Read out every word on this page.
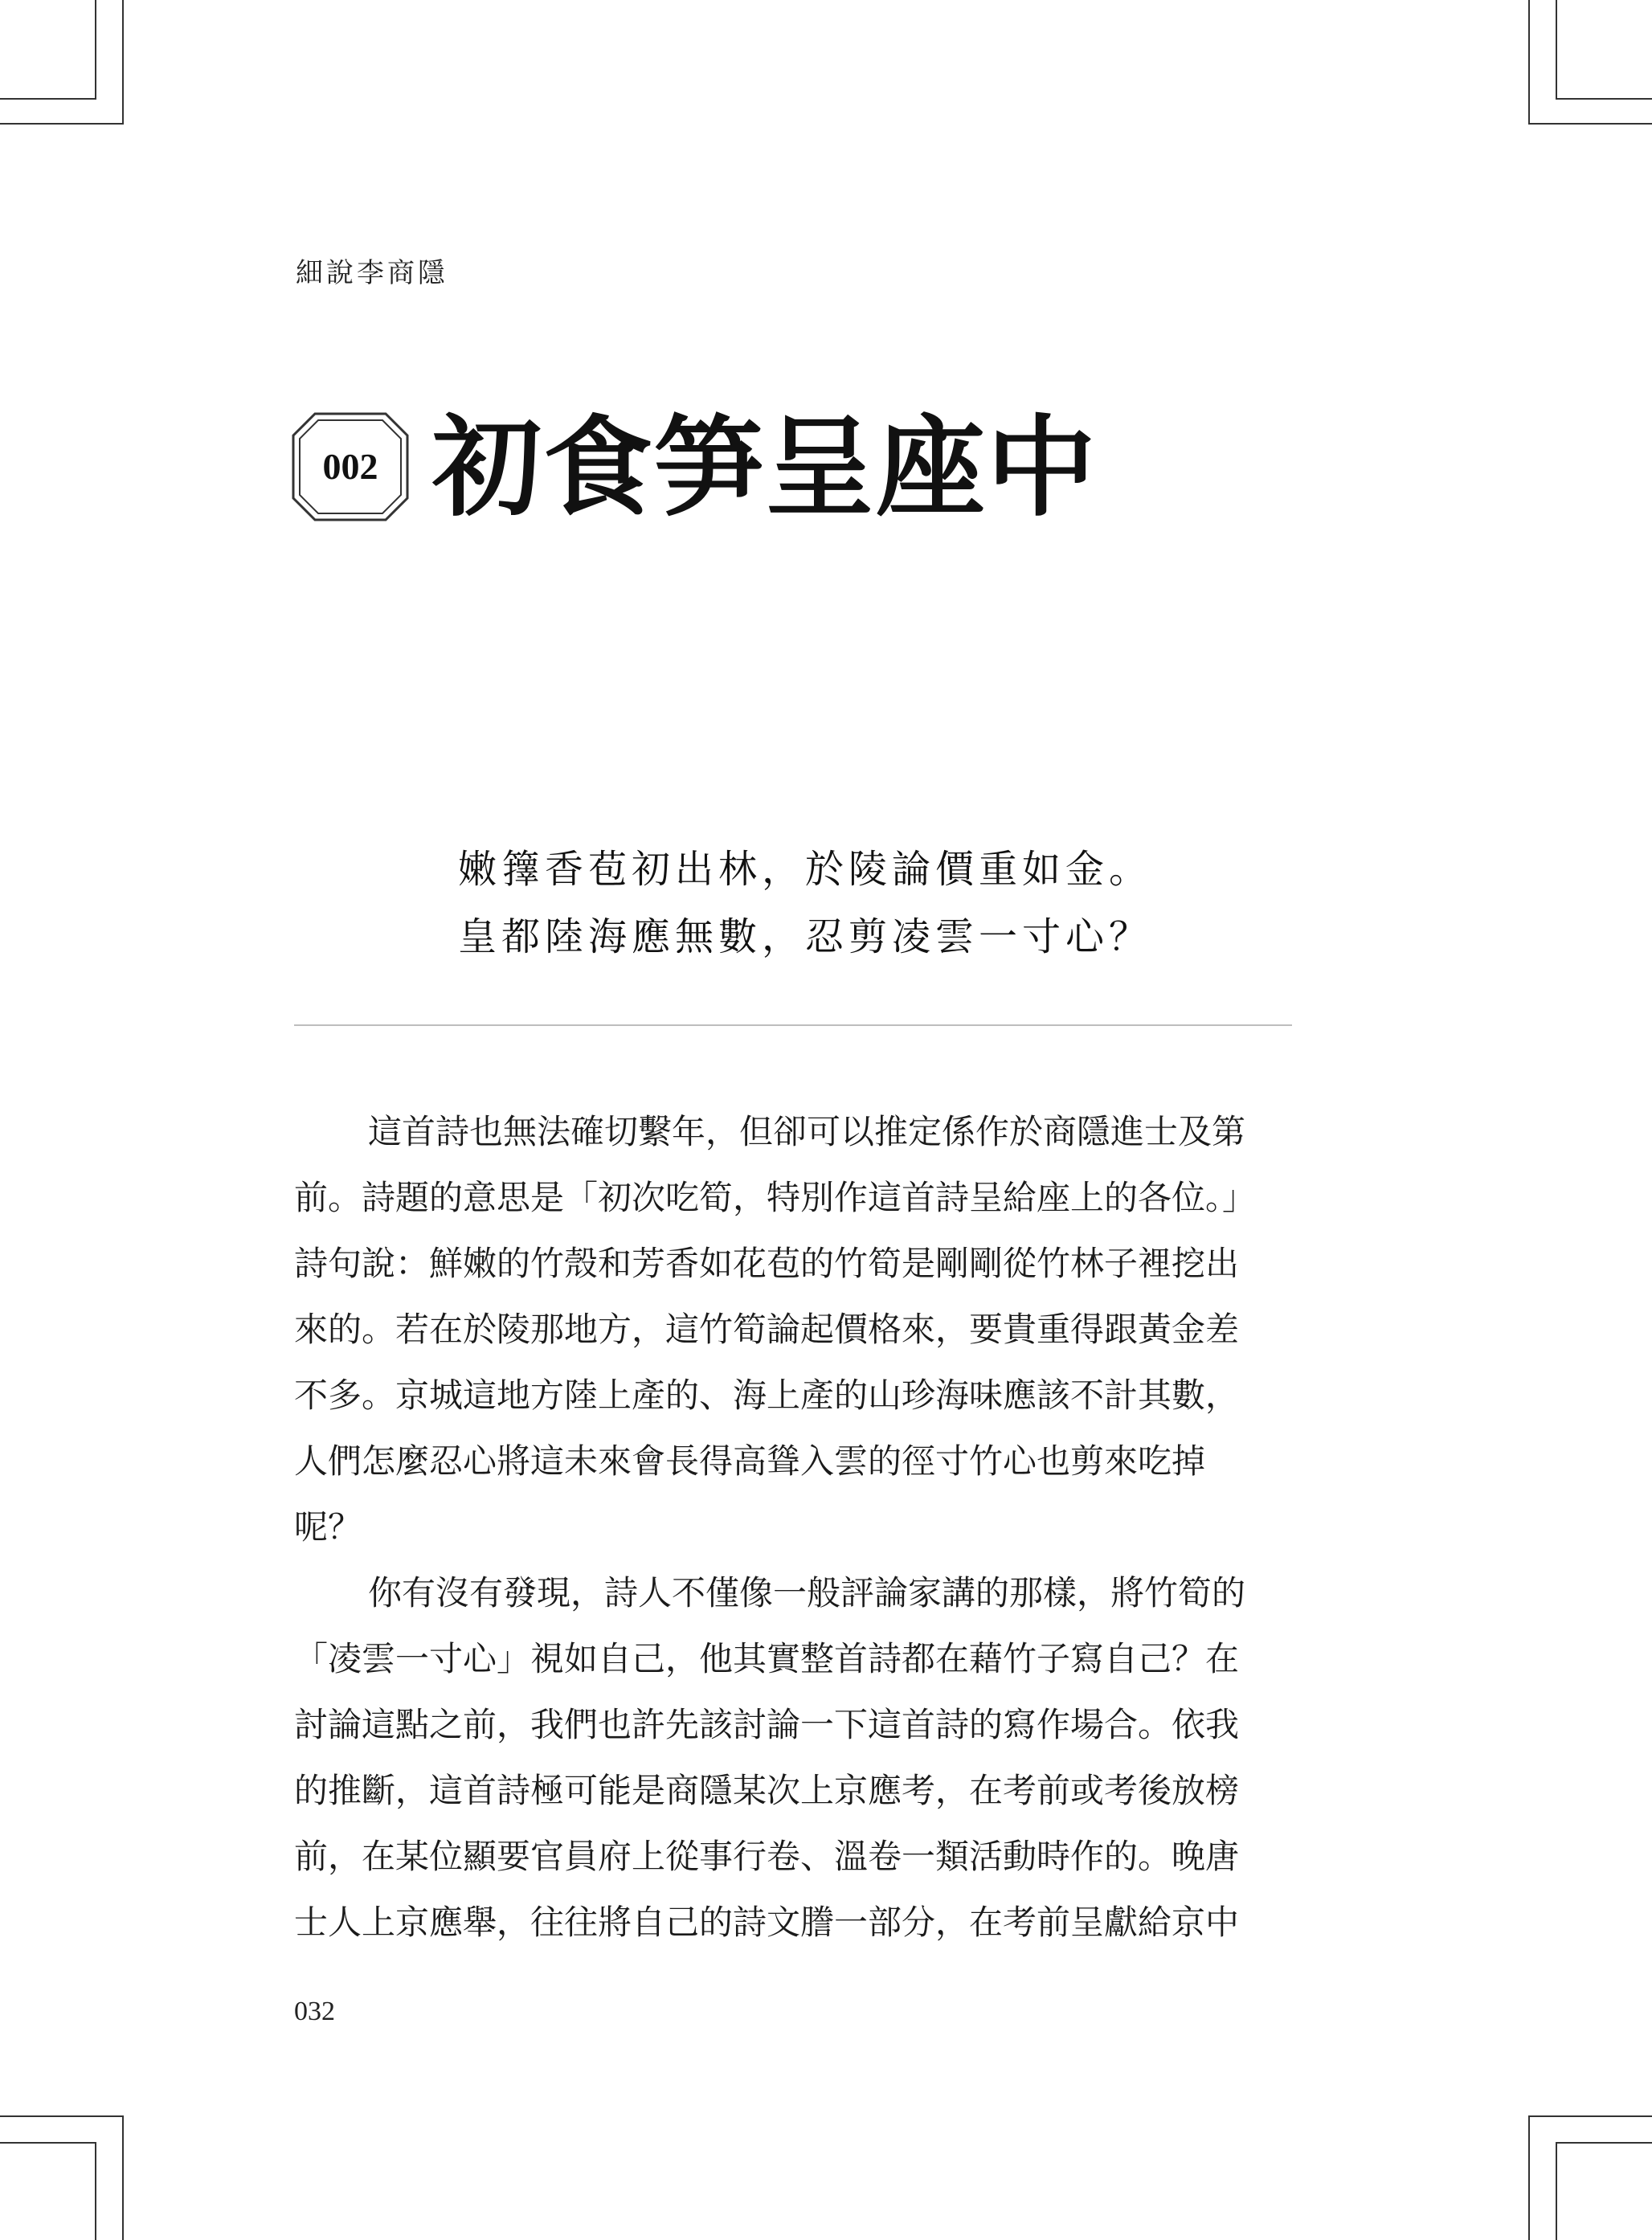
細說李商隱
002 初食笋呈座中
嫩籜香苞初出林，於陵論價重如金。
皇都陸海應無數，忍剪凌雲一寸心？
這首詩也無法確切繫年，但卻可以推定係作於商隱進士及第
前。詩題的意思是「初次吃筍，特別作這首詩呈給座上的各位。」
詩句說：鮮嫩的竹殼和芳香如花苞的竹筍是剛剛從竹林子裡挖出
來的。若在於陵那地方，這竹筍論起價格來，要貴重得跟黃金差
不多。京城這地方陸上產的、海上產的山珍海味應該不計其數，
人們怎麼忍心將這未來會長得高聳入雲的徑寸竹心也剪來吃掉
呢？
你有沒有發現，詩人不僅像一般評論家講的那樣，將竹筍的
「凌雲一寸心」視如自己，他其實整首詩都在藉竹子寫自己？在
討論這點之前，我們也許先該討論一下這首詩的寫作場合。依我
的推斷，這首詩極可能是商隱某次上京應考，在考前或考後放榜
前，在某位顯要官員府上從事行卷、溫卷一類活動時作的。晚唐
士人上京應舉，往往將自己的詩文謄一部分，在考前呈獻給京中
032
